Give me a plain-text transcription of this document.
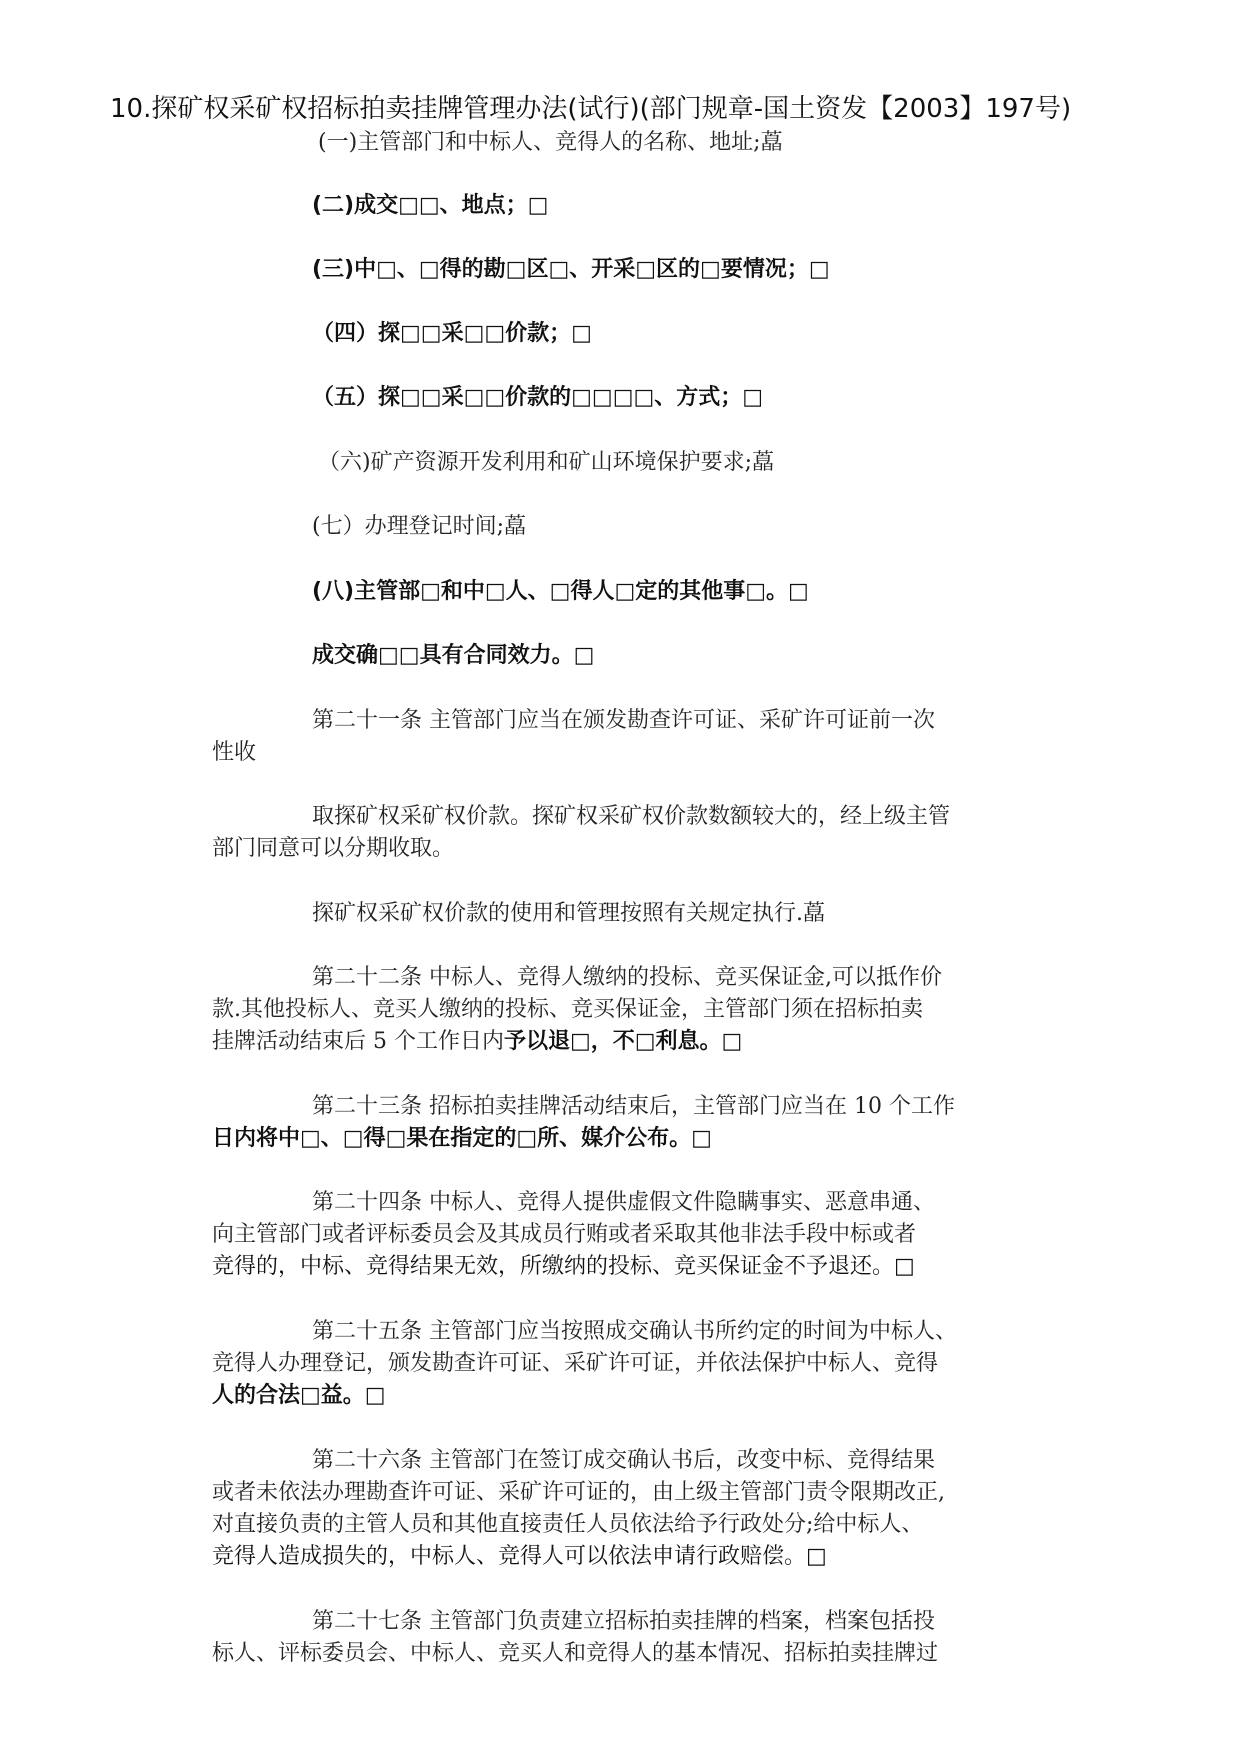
10.探矿权采矿权招标拍卖挂牌管理办法(试行)(部门规章-国土资发【2003】197号)

(一)主管部门和中标人、竞得人的名称、地址;藠

(二)成交□□、地点；□

(三)中□、□得的勘□区□、开采□区的□要情况；□

（四）探□□采□□价款；□

（五）探□□采□□价款的□□□□、方式；□

（六)矿产资源开发利用和矿山环境保护要求;藠

(七）办理登记时间;藠

(八)主管部□和中□人、□得人□定的其他事□。□

成交确□□具有合同效力。□

第二十一条 主管部门应当在颁发勘查许可证、采矿许可证前一次

性收

取探矿权采矿权价款。探矿权采矿权价款数额较大的，经上级主管

部门同意可以分期收取。

探矿权采矿权价款的使用和管理按照有关规定执行.藠

第二十二条 中标人、竞得人缴纳的投标、竞买保证金,可以抵作价

款.其他投标人、竞买人缴纳的投标、竞买保证金，主管部门须在招标拍卖

挂牌活动结束后 5 个工作日内予以退□，不□利息。□

第二十三条 招标拍卖挂牌活动结束后，主管部门应当在 10 个工作

日内将中□、□得□果在指定的□所、媒介公布。□

第二十四条 中标人、竞得人提供虚假文件隐瞒事实、恶意串通、

向主管部门或者评标委员会及其成员行贿或者采取其他非法手段中标或者

竞得的，中标、竞得结果无效，所缴纳的投标、竞买保证金不予退还。□

第二十五条 主管部门应当按照成交确认书所约定的时间为中标人、

竞得人办理登记，颁发勘查许可证、采矿许可证，并依法保护中标人、竞得

人的合法□益。□

第二十六条 主管部门在签订成交确认书后，改变中标、竞得结果

或者未依法办理勘查许可证、采矿许可证的，由上级主管部门责令限期改正,

对直接负责的主管人员和其他直接责任人员依法给予行政处分;给中标人、

竞得人造成损失的，中标人、竞得人可以依法申请行政赔偿。□

第二十七条 主管部门负责建立招标拍卖挂牌的档案，档案包括投

标人、评标委员会、中标人、竞买人和竞得人的基本情况、招标拍卖挂牌过
